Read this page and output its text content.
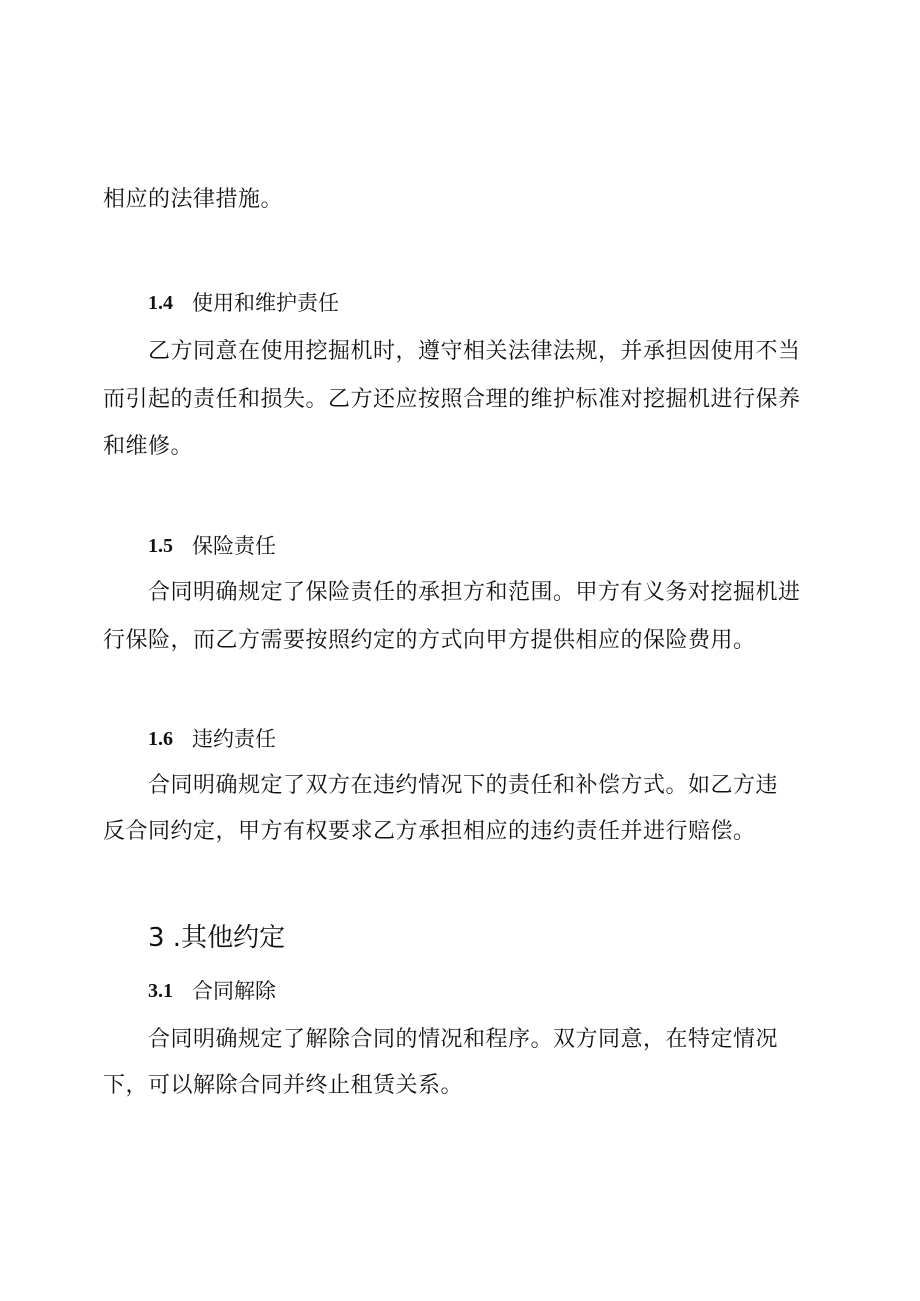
相应的法律措施。
1.4 使用和维护责任
乙方同意在使用挖掘机时，遵守相关法律法规，并承担因使用不当
而引起的责任和损失。乙方还应按照合理的维护标准对挖掘机进行保养
和维修。
1.5 保险责任
合同明确规定了保险责任的承担方和范围。甲方有义务对挖掘机进
行保险，而乙方需要按照约定的方式向甲方提供相应的保险费用。
1.6 违约责任
合同明确规定了双方在违约情况下的责任和补偿方式。如乙方违
反合同约定，甲方有权要求乙方承担相应的违约责任并进行赔偿。
3 .其他约定
3.1 合同解除
合同明确规定了解除合同的情况和程序。双方同意，在特定情况
下，可以解除合同并终止租赁关系。
